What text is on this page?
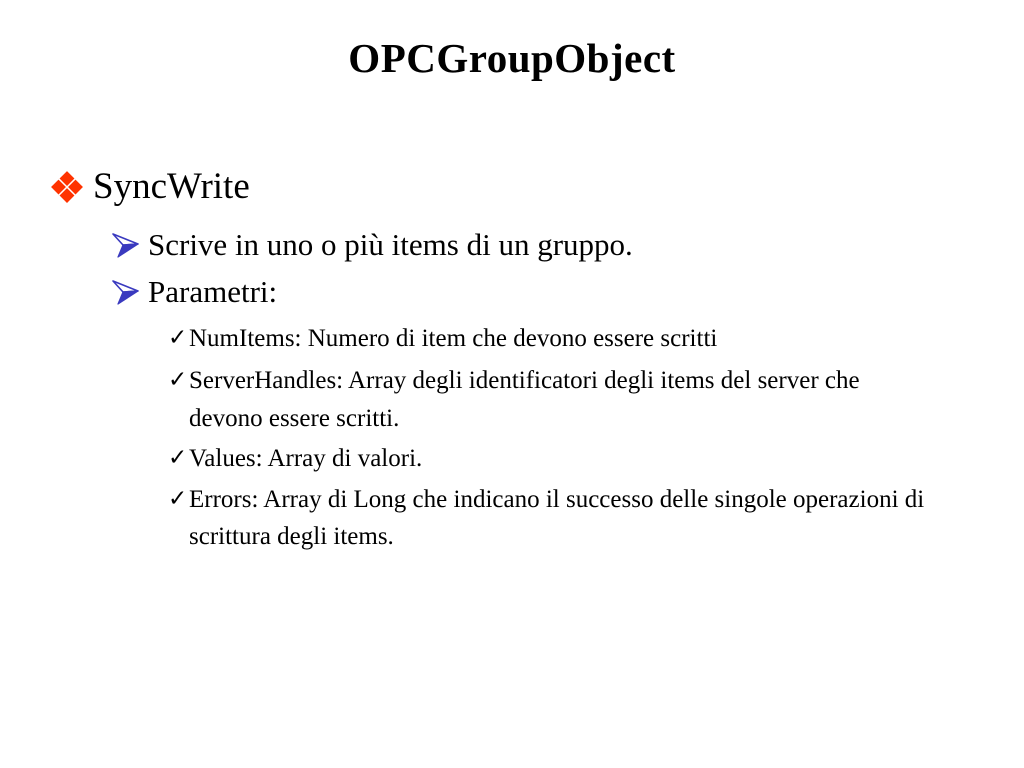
OPCGroupObject
SyncWrite
Scrive in uno o più items di un gruppo.
Parametri:
✓ NumItems: Numero di item che devono essere scritti
✓ ServerHandles: Array degli identificatori degli items del server che devono essere scritti.
✓ Values: Array di valori.
✓ Errors: Array di Long che indicano il successo delle singole operazioni di scrittura degli items.
